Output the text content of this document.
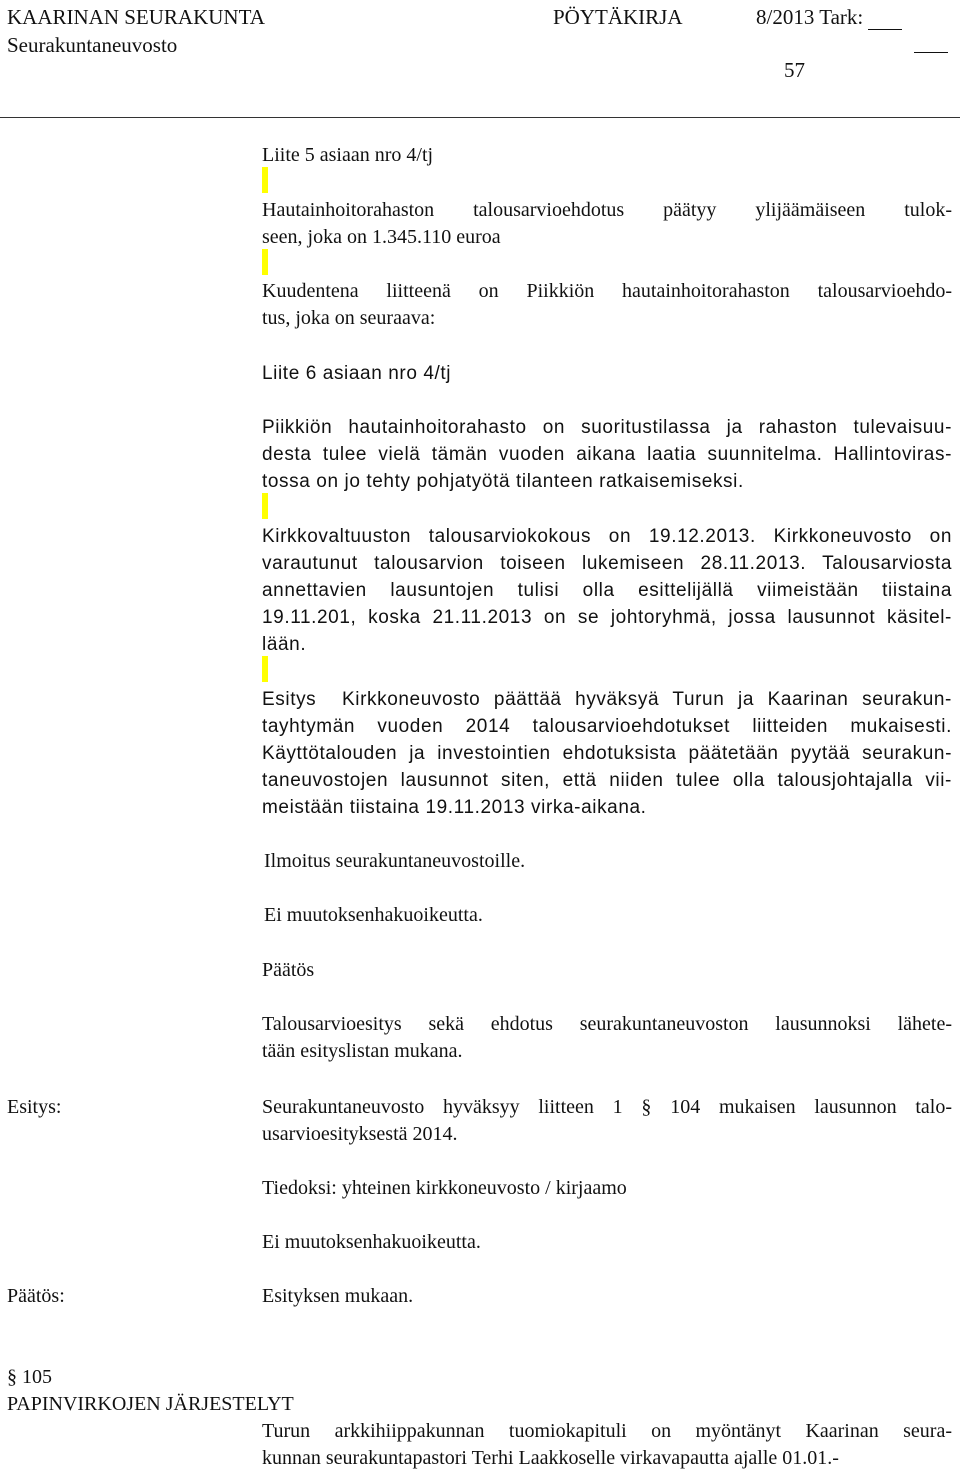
KAARINAN SEURAKUNTA	PÖYTÄKIRJA	8/2013 Tark:
Seurakuntaneuvosto
57
Liite 5 asiaan nro 4/tj
Hautainhoitorahaston talousarvioehdotus päätyy ylijäämäiseen tulok-
seen, joka on 1.345.110 euroa
Kuudentena liitteenä on Piikkiön hautainhoitorahaston talousarvioehdo-
tus, joka on seuraava:
Liite 6 asiaan nro 4/tj
Piikkiön hautainhoitorahasto on suoritustilassa ja rahaston tulevaisuu-
desta tulee vielä tämän vuoden aikana laatia suunnitelma. Hallintoviras-
tossa on jo tehty pohjatyötä tilanteen ratkaisemiseksi.
Kirkkovaltuuston talousarviokokous on 19.12.2013. Kirkkoneuvosto on
varautunut talousarvion toiseen lukemiseen 28.11.2013. Talousarviosta
annettavien lausuntojen tulisi olla esittelijällä viimeistään tiistaina
19.11.201, koska 21.11.2013 on se johtoryhmä, jossa lausunnot käsitel-
lään.
Esitys Kirkkoneuvosto päättää hyväksyä Turun ja Kaarinan seurakun-
tayhtymän vuoden 2014 talousarvioehdotukset liitteiden mukaisesti.
Käyttötalouden ja investointien ehdotuksista päätetään pyytää seurakun-
taneuvostojen lausunnot siten, että niiden tulee olla talousjohtajalla vii-
meistään tiistaina 19.11.2013 virka-aikana.
Ilmoitus seurakuntaneuvostoille.
Ei muutoksenhakuoikeutta.
Päätös
Talousarvioesitys sekä ehdotus seurakuntaneuvoston lausunnoksi lähete-
tään esityslistan mukana.
Esitys:	Seurakuntaneuvosto hyväksyy liitteen 1 § 104 mukaisen lausunnon talo-
usarvioesityksestä 2014.
Tiedoksi: yhteinen kirkkoneuvosto / kirjaamo
Ei muutoksenhakuoikeutta.
Päätös:	Esityksen mukaan.
§ 105
PAPINVIRKOJEN JÄRJESTELYT
Turun arkkihiippakunnan tuomiokapituli on myöntänyt Kaarinan seura-
kunnan seurakuntapastori Terhi Laakkoselle virkavapautta ajalle 01.01.-
